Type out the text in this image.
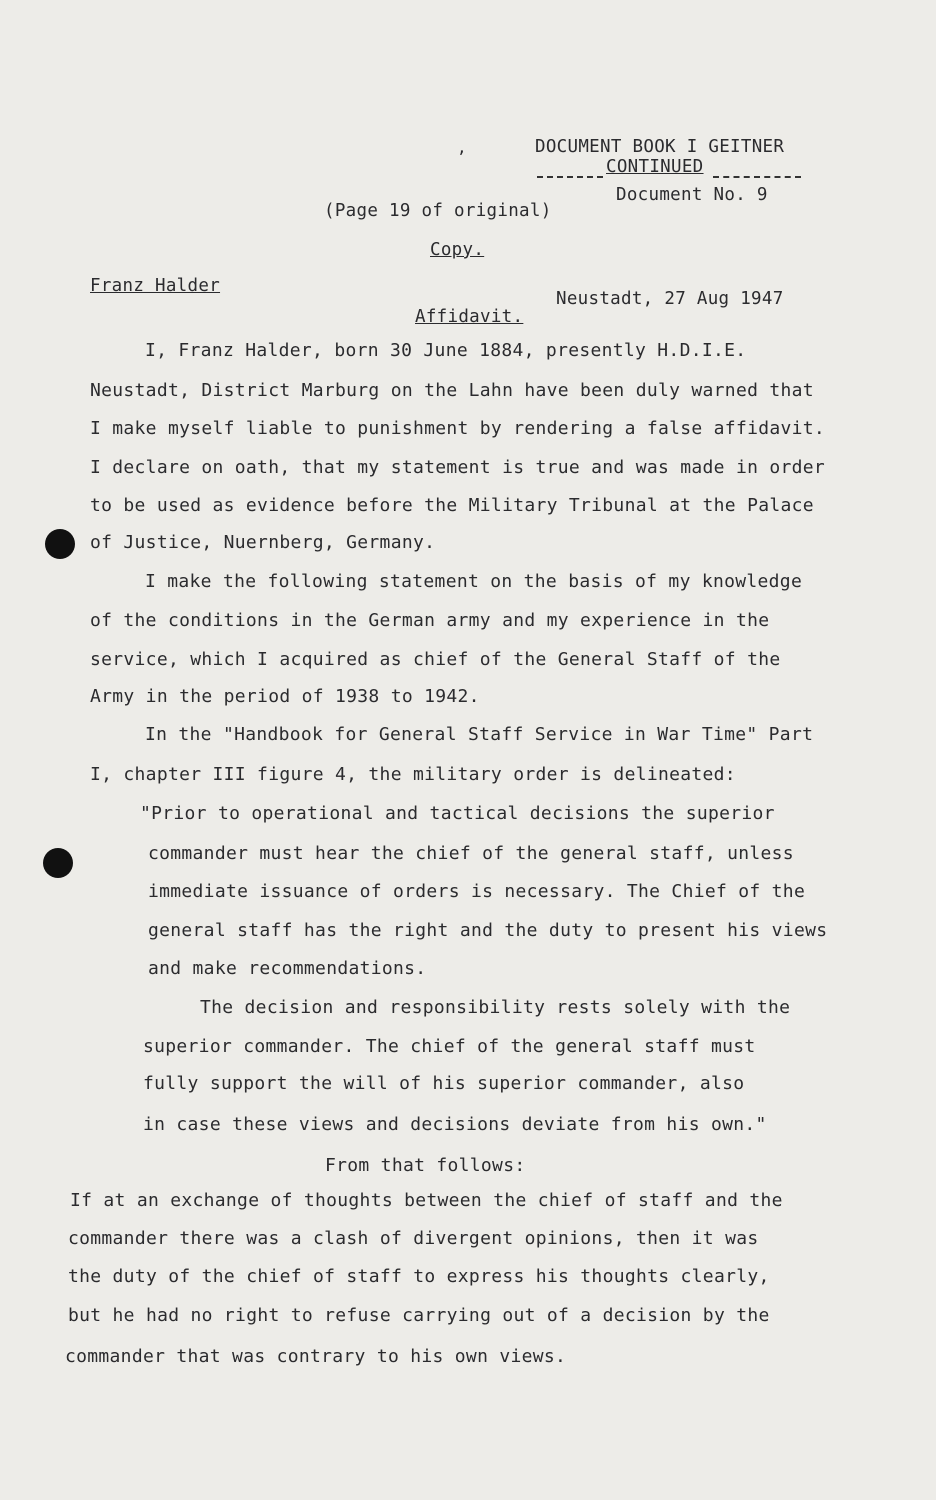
,	DOCUMENT BOOK I GEITNER
CONTINUED
Document No. 9
(Page 19 of original)
Copy.
Franz Halder
Neustadt, 27 Aug 1947
Affidavit.
I, Franz Halder, born 30 June 1884, presently H.D.I.E.
Neustadt, District Marburg on the Lahn have been duly warned that
I make myself liable to punishment by rendering a false affidavit.
I declare on oath, that my statement is true and was made in order
to be used as evidence before the Military Tribunal at the Palace
of Justice, Nuernberg, Germany.
I make the following statement on the basis of my knowledge
of the conditions in the German army and my experience in the
service, which I acquired as chief of the General Staff of the
Army in the period of 1938 to 1942.
In the "Handbook for General Staff Service in War Time" Part
I, chapter III figure 4, the military order is delineated:
"Prior to operational and tactical decisions the superior
commander must hear the chief of the general staff, unless
immediate issuance of orders is necessary. The Chief of the
general staff has the right and the duty to present his views
and make recommendations.
The decision and responsibility rests solely with the
superior commander. The chief of the general staff must
fully support the will of his superior commander, also
in case these views and decisions deviate from his own."
From that follows:
If at an exchange of thoughts between the chief of staff and the
commander there was a clash of divergent opinions, then it was
the duty of the chief of staff to express his thoughts clearly,
but he had no right to refuse carrying out of a decision by the
commander that was contrary to his own views.
